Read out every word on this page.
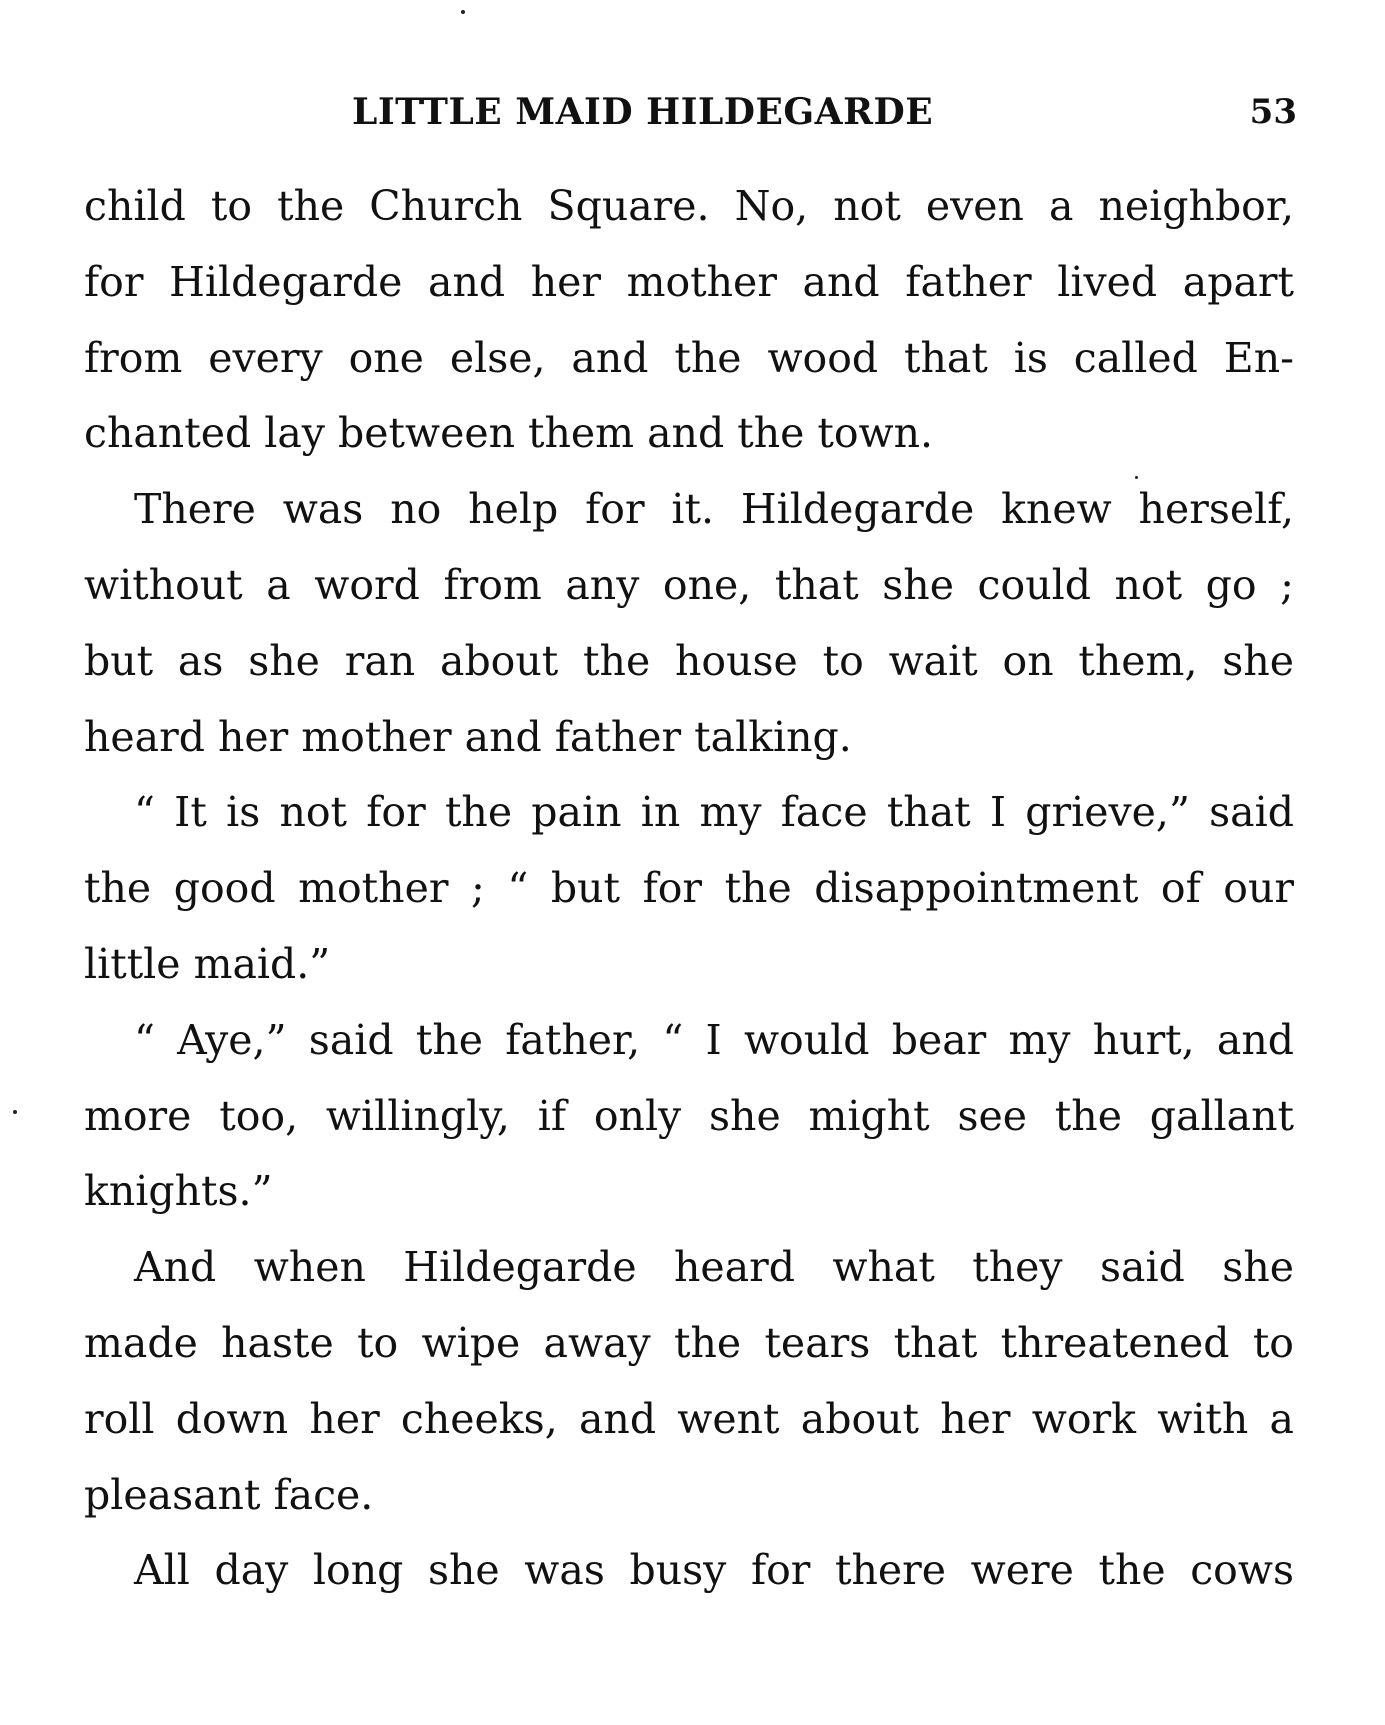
LITTLE MAID HILDEGARDE	53
child to the Church Square. No, not even a neighbor,
for Hildegarde and her mother and father lived apart
from every one else, and the wood that is called En-
chanted lay between them and the town.
There was no help for it. Hildegarde knew herself,
without a word from any one, that she could not go ;
but as she ran about the house to wait on them, she
heard her mother and father talking.
“ It is not for the pain in my face that I grieve,” said
the good mother ; “ but for the disappointment of our
little maid.”
“ Aye,” said the father, “ I would bear my hurt, and
more too, willingly, if only she might see the gallant
knights.”
And when Hildegarde heard what they said she
made haste to wipe away the tears that threatened to
roll down her cheeks, and went about her work with a
pleasant face.
All day long she was busy for there were the cows
